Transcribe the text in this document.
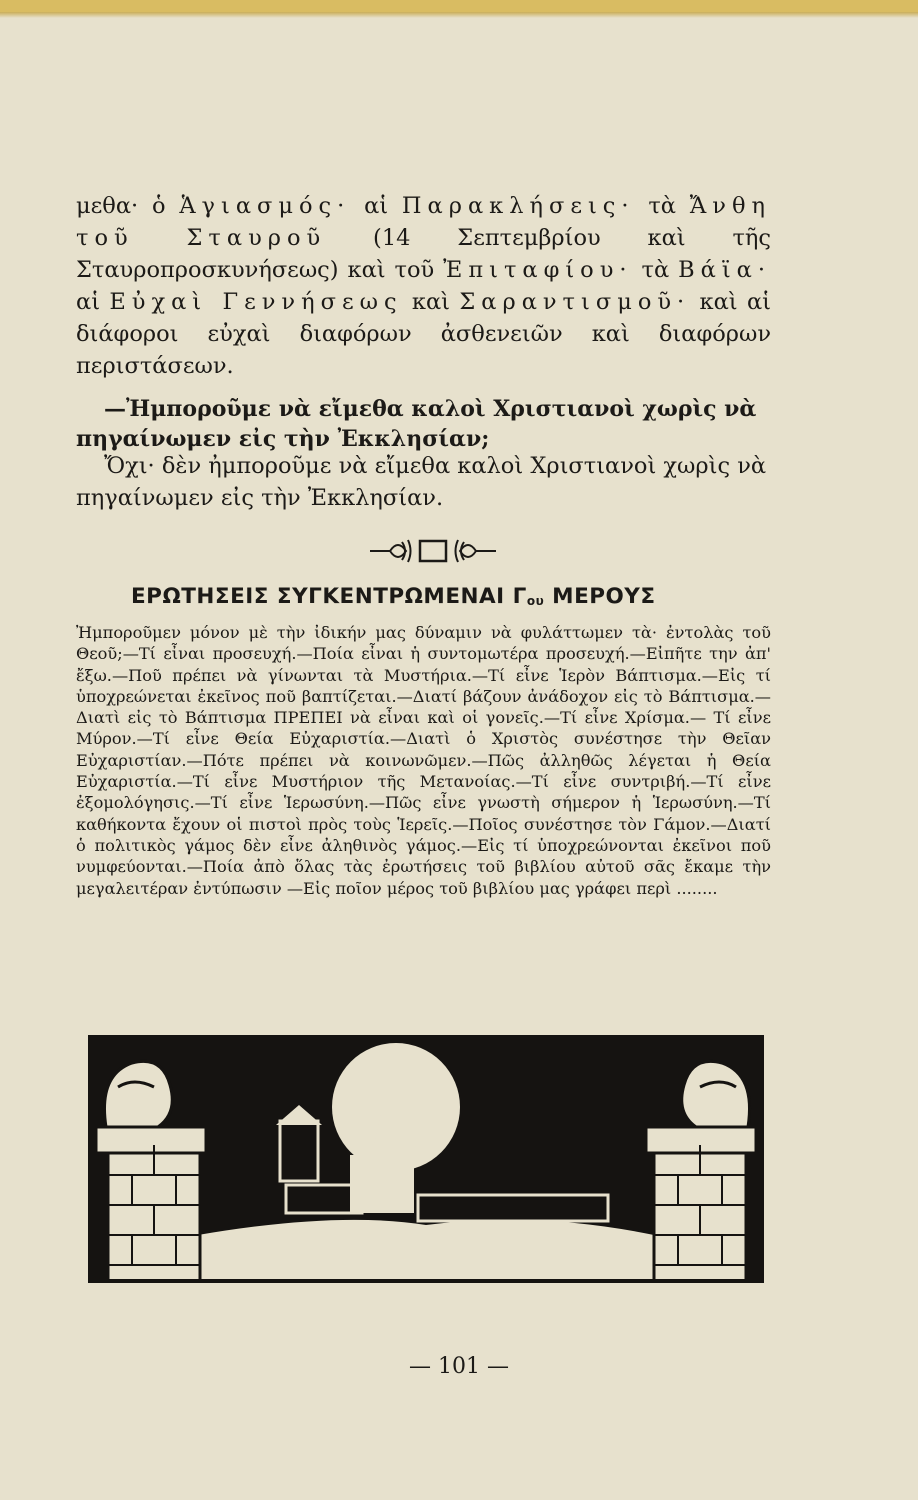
μεθα· ὁ Ἁγιασμός· αἱ Παρακλήσεις· τὰ Ἄνθη τοῦ Σταυροῦ (14 Σεπτεμβρίου καὶ τῆς Σταυροπροσκυνήσεως) καὶ τοῦ Ἐπιταφίου· τὰ Βάϊα· αἱ Εὐχαὶ Γεννήσεως καὶ Σαραντισμοῦ· καὶ αἱ διάφοροι εὐχαὶ διαφόρων ἀσθενειῶν καὶ διαφόρων περιστάσεων.
—Ἠμποροῦμε νὰ εἴμεθα καλοὶ Χριστιανοὶ χωρὶς νὰ πηγαίνωμεν εἰς τὴν Ἐκκλησίαν;
Ὄχι· δὲν ἠμποροῦμε νὰ εἴμεθα καλοὶ Χριστιανοὶ χωρὶς νὰ πηγαίνωμεν εἰς τὴν Ἐκκλησίαν.
ΕΡΩΤΗΣΕΙΣ ΣΥΓΚΕΝΤΡΩΜΕΝΑΙ $\Gamma_{o\upsilon}$ ΜΕΡΟΥΣ
Ἠμποροῦμεν μόνον μὲ τὴν ἰδικήν μας δύναμιν νὰ φυλάττωμεν τὰ· ἐντολὰς τοῦ Θεοῦ;—Τί εἶναι προσευχή.—Ποία εἶναι ἡ συντομωτέρα προσευχή.—Εἰπῆτε την ἀπ' ἔξω.—Ποῦ πρέπει νὰ γίνωνται τὰ Μυστήρια.—Τί εἶνε Ἱερὸν Βάπτισμα.—Εἰς τί ὑποχρεώνεται ἐκεῖνος ποῦ βαπτίζεται.—Διατί βάζουν ἀνάδοχον εἰς τὸ Βάπτισμα.—Διατὶ εἰς τὸ Βάπτισμα ΠΡΕΠΕΙ νὰ εἶναι καὶ οἱ γονεῖς.—Τί εἶνε Χρίσμα.— Τί εἶνε Μύρον.—Τί εἶνε Θεία Εὐχαριστία.—Διατὶ ὁ Χριστὸς συνέστησε τὴν Θεῖαν Εὐχαριστίαν.—Πότε πρέπει νὰ κοινωνῶμεν.—Πῶς ἀλληθῶς λέγεται ἡ Θεία Εὐχαριστία.—Τί εἶνε Μυστήριον τῆς Μετανοίας.—Τί εἶνε συντριβή.—Τί εἶνε ἐξομολόγησις.—Τί εἶνε Ἱερωσύνη.—Πῶς εἶνε γνωστὴ σήμερον ἡ Ἱερωσύνη.—Τί καθήκοντα ἔχουν οἱ πιστοὶ πρὸς τοὺς Ἱερεῖς.—Ποῖος συνέστησε τὸν Γάμον.—Διατί ὁ πολιτικὸς γάμος δὲν εἶνε ἀληθινὸς γάμος.—Εἰς τί ὑποχρεώνονται ἐκεῖνοι ποῦ νυμφεύονται.—Ποία ἀπὸ ὅλας τὰς ἐρωτήσεις τοῦ βιβλίου αὐτοῦ σᾶς ἔκαμε τὴν μεγαλειτέραν ἐντύπωσιν —Εἰς ποῖον μέρος τοῦ βιβλίου μας γράφει περὶ ........
— 101 —
